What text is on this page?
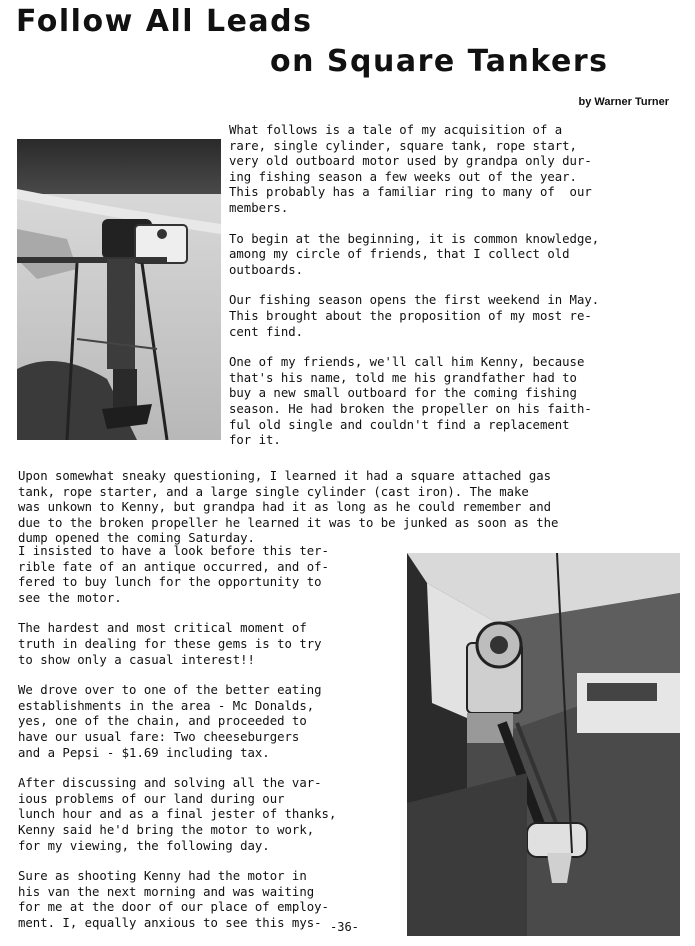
Follow All Leads
on Square Tankers
by Warner Turner

What follows is a tale of my acquisition of a
rare, single cylinder, square tank, rope start,
very old outboard motor used by grandpa only dur-
ing fishing season a few weeks out of the year.
This probably has a familiar ring to many of  our
members.

To begin at the beginning, it is common knowledge,
among my circle of friends, that I collect old
outboards.

Our fishing season opens the first weekend in May.
This brought about the proposition of my most re-
cent find.

One of my friends, we'll call him Kenny, because
that's his name, told me his grandfather had to
buy a new small outboard for the coming fishing
season. He had broken the propeller on his faith-
ful old single and couldn't find a replacement
for it.

Upon somewhat sneaky questioning, I learned it had a square attached gas
tank, rope starter, and a large single cylinder (cast iron). The make
was unkown to Kenny, but grandpa had it as long as he could remember and
due to the broken propeller he learned it was to be junked as soon as the
dump opened the coming Saturday.

I insisted to have a look before this ter-
rible fate of an antique occurred, and of-
fered to buy lunch for the opportunity to
see the motor.

The hardest and most critical moment of
truth in dealing for these gems is to try
to show only a casual interest!!

We drove over to one of the better eating
establishments in the area - Mc Donalds,
yes, one of the chain, and proceeded to
have our usual fare: Two cheeseburgers
and a Pepsi - $1.69 including tax.

After discussing and solving all the var-
ious problems of our land during our
lunch hour and as a final jester of thanks,
Kenny said he'd bring the motor to work,
for my viewing, the following day.

Sure as shooting Kenny had the motor in
his van the next morning and was waiting
for me at the door of our place of employ-
ment. I, equally anxious to see this mys- -36-
